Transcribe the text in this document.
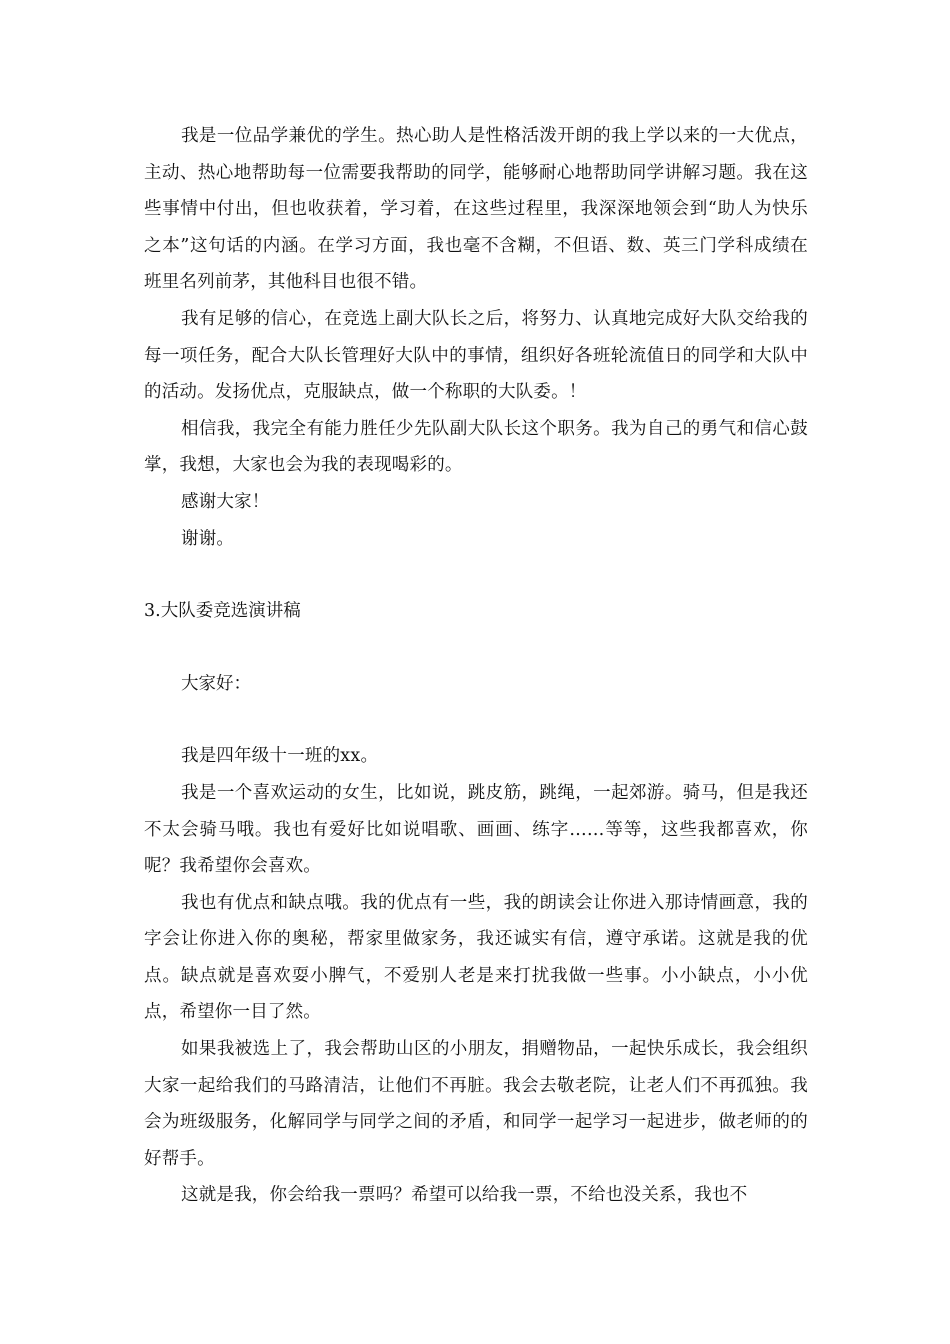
我是一位品学兼优的学生。热心助人是性格活泼开朗的我上学以来的一大优点，主动、热心地帮助每一位需要我帮助的同学，能够耐心地帮助同学讲解习题。我在这些事情中付出，但也收获着，学习着，在这些过程里，我深深地领会到“助人为快乐之本”这句话的内涵。在学习方面，我也毫不含糊，不但语、数、英三门学科成绩在班里名列前茅，其他科目也很不错。

我有足够的信心，在竞选上副大队长之后，将努力、认真地完成好大队交给我的每一项任务，配合大队长管理好大队中的事情，组织好各班轮流值日的同学和大队中的活动。发扬优点，克服缺点，做一个称职的大队委。！

相信我，我完全有能力胜任少先队副大队长这个职务。我为自己的勇气和信心鼓掌，我想，大家也会为我的表现喝彩的。

感谢大家！

谢谢。

3.大队委竞选演讲稿

大家好：

我是四年级十一班的xx。

我是一个喜欢运动的女生，比如说，跳皮筋，跳绳，一起郊游。骑马，但是我还不太会骑马哦。我也有爱好比如说唱歌、画画、练字……等等，这些我都喜欢，你呢？我希望你会喜欢。

我也有优点和缺点哦。我的优点有一些，我的朗读会让你进入那诗情画意，我的字会让你进入你的奥秘，帮家里做家务，我还诚实有信，遵守承诺。这就是我的优点。缺点就是喜欢耍小脾气，不爱别人老是来打扰我做一些事。小小缺点，小小优点，希望你一目了然。

如果我被选上了，我会帮助山区的小朋友，捐赠物品，一起快乐成长，我会组织大家一起给我们的马路清洁，让他们不再脏。我会去敬老院，让老人们不再孤独。我会为班级服务，化解同学与同学之间的矛盾，和同学一起学习一起进步，做老师的的好帮手。

这就是我，你会给我一票吗？希望可以给我一票，不给也没关系，我也不
